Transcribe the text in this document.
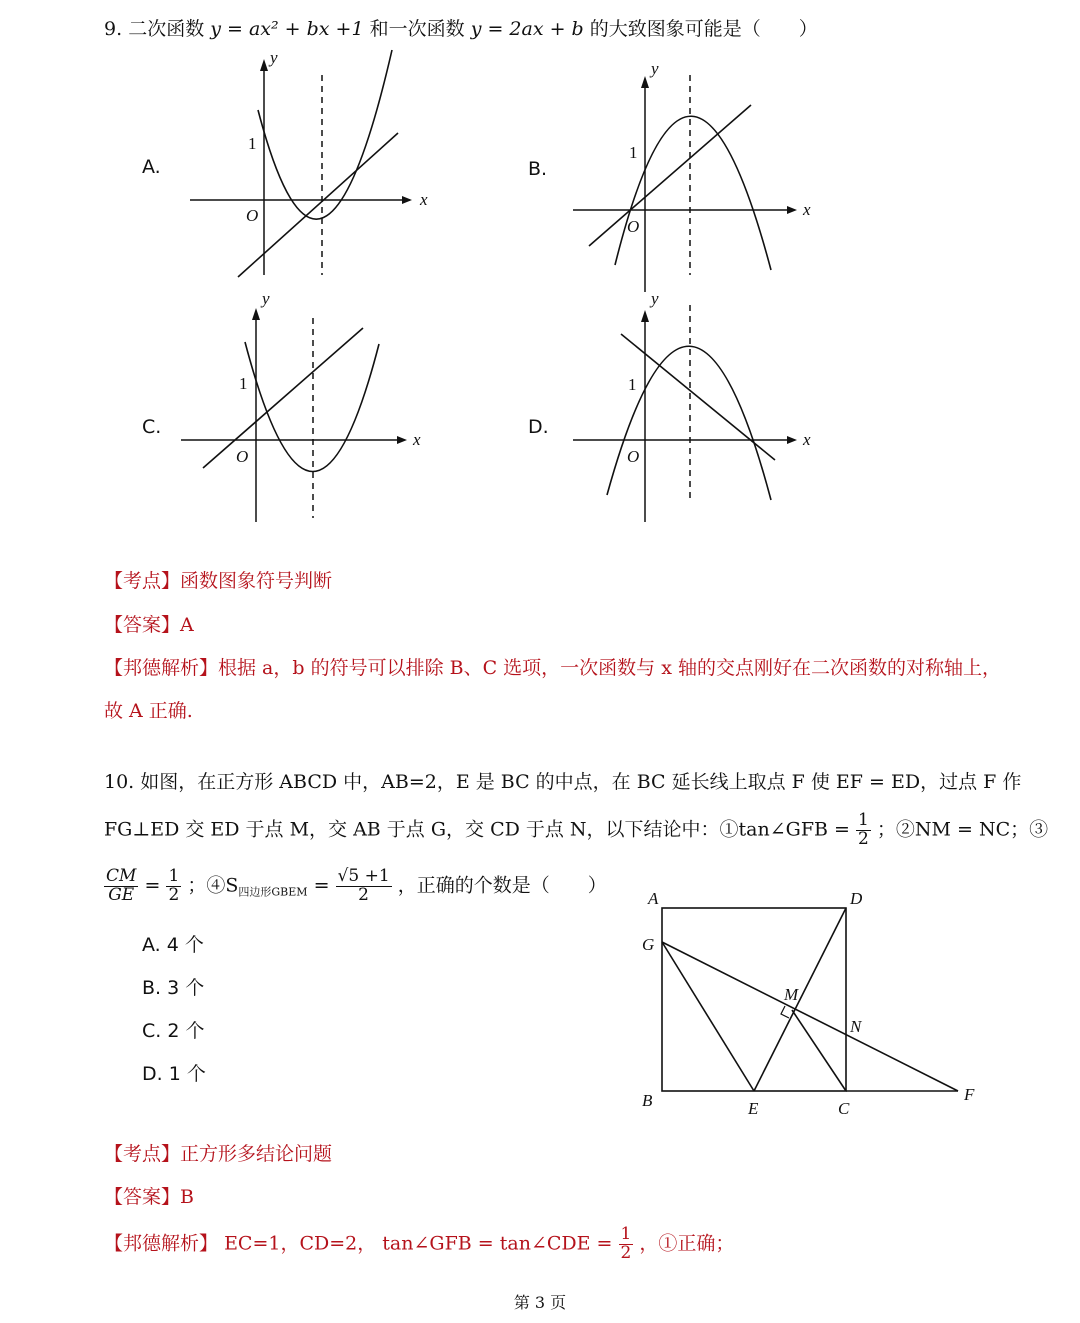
9. 二次函数 y = ax² + bx +1 和一次函数 y = 2ax + b 的大致图象可能是（　　）
A.	B.
C.	D.
x
y
O
1
x
y
O
1
x
y
O
1
x
y
O
1
【考点】函数图象符号判断
【答案】A
【邦德解析】根据 a，b 的符号可以排除 B、C 选项，一次函数与 x 轴的交点刚好在二次函数的对称轴上，
故 A 正确.
10. 如图，在正方形 ABCD 中，AB=2，E 是 BC 的中点，在 BC 延长线上取点 F 使 EF = ED，过点 F 作
FG⊥ED 交 ED 于点 M，交 AB 于点 G，交 CD 于点 N，以下结论中：①tan∠GFB = $\frac{1}{2}$ ；②NM = NC；③
$\frac{CM}{GE} = \frac{1}{2}$ ；$④S_{四边形GBEM} = \frac{√5 +1}{2}$ ，正确的个数是（　　）
A. 4 个
B. 3 个
C. 2 个
D. 1 个
A	D
B	E	C
F
G
M
N
【考点】正方形多结论问题
【答案】B
【邦德解析】 EC=1，CD=2， tan∠GFB = tan∠CDE = $\frac{1}{2}$ ，①正确；
第 3 页
